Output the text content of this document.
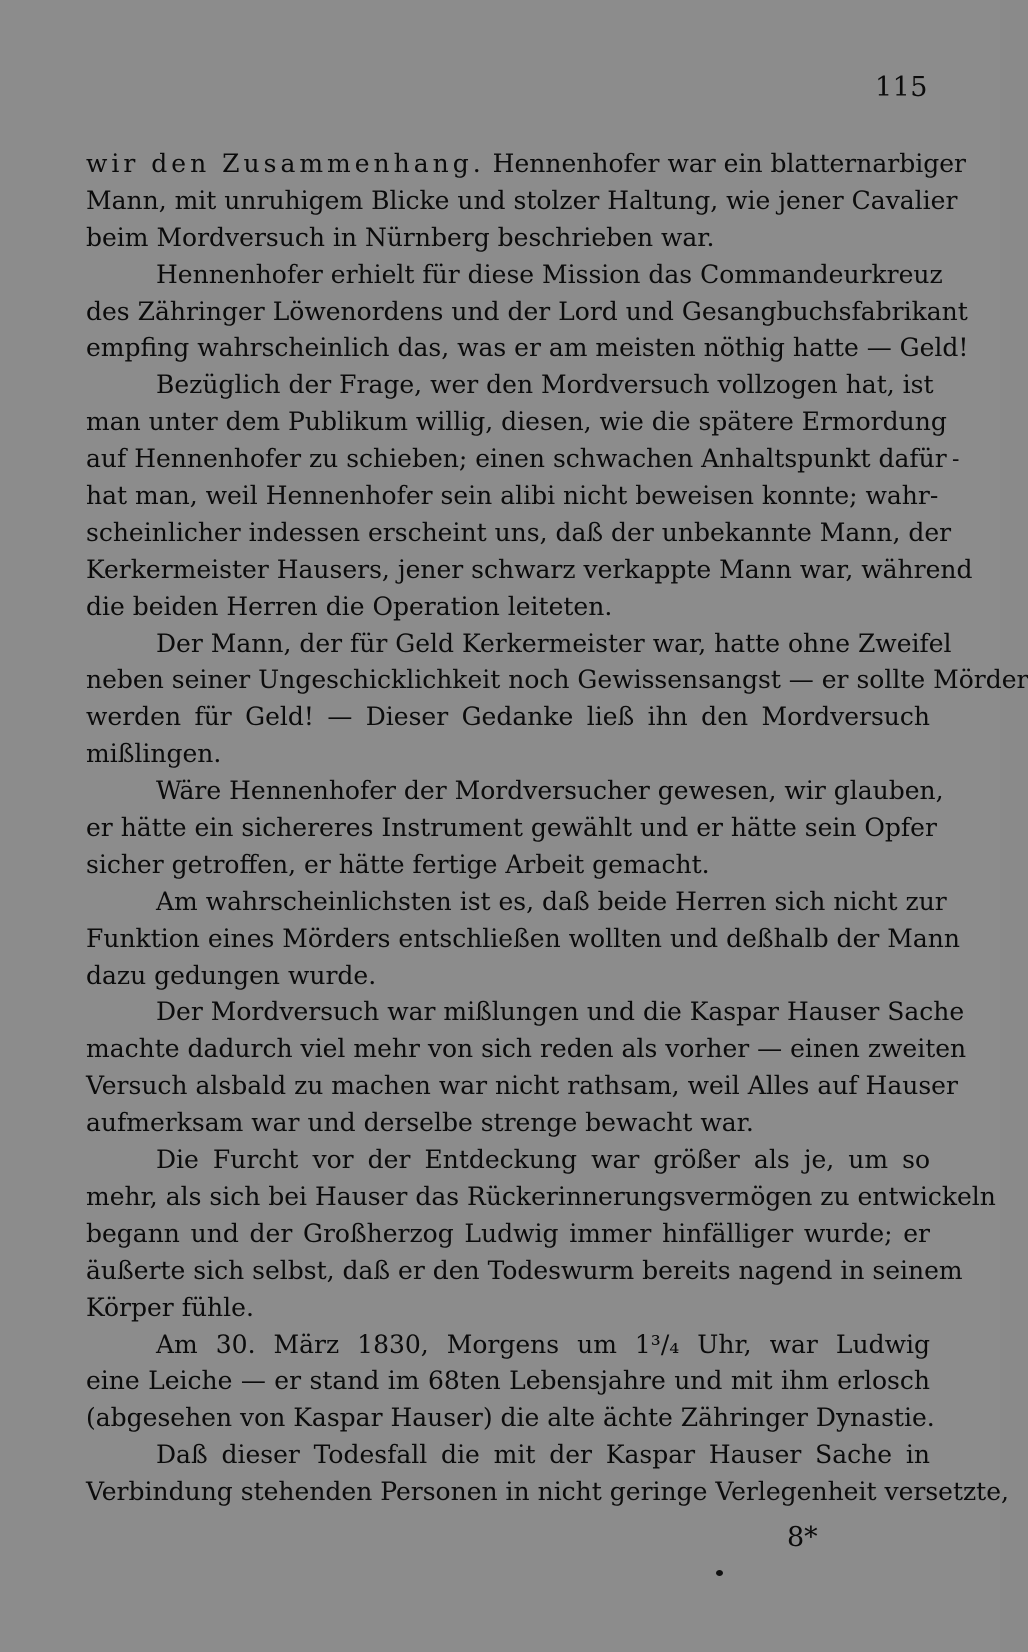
115
-
wir den Zusammenhang. Hennenhofer war ein blatternarbiger
Mann, mit unruhigem Blicke und stolzer Haltung, wie jener Cavalier
beim Mordversuch in Nürnberg beschrieben war.
Hennenhofer erhielt für diese Mission das Commandeurkreuz
des Zähringer Löwenordens und der Lord und Gesangbuchsfabrikant
empfing wahrscheinlich das, was er am meisten nöthig hatte — Geld!
Bezüglich der Frage, wer den Mordversuch vollzogen hat, ist
man unter dem Publikum willig, diesen, wie die spätere Ermordung
auf Hennenhofer zu schieben; einen schwachen Anhaltspunkt dafür
hat man, weil Hennenhofer sein alibi nicht beweisen konnte; wahr-
scheinlicher indessen erscheint uns, daß der unbekannte Mann, der
Kerkermeister Hausers, jener schwarz verkappte Mann war, während
die beiden Herren die Operation leiteten.
Der Mann, der für Geld Kerkermeister war, hatte ohne Zweifel
neben seiner Ungeschicklichkeit noch Gewissensangst — er sollte Mörder
werden für Geld! — Dieser Gedanke ließ ihn den Mordversuch
mißlingen.
Wäre Hennenhofer der Mordversucher gewesen, wir glauben,
er hätte ein sichereres Instrument gewählt und er hätte sein Opfer
sicher getroffen, er hätte fertige Arbeit gemacht.
Am wahrscheinlichsten ist es, daß beide Herren sich nicht zur
Funktion eines Mörders entschließen wollten und deßhalb der Mann
dazu gedungen wurde.
Der Mordversuch war mißlungen und die Kaspar Hauser Sache
machte dadurch viel mehr von sich reden als vorher — einen zweiten
Versuch alsbald zu machen war nicht rathsam, weil Alles auf Hauser
aufmerksam war und derselbe strenge bewacht war.
Die Furcht vor der Entdeckung war größer als je, um so
mehr, als sich bei Hauser das Rückerinnerungsvermögen zu entwickeln
begann und der Großherzog Ludwig immer hinfälliger wurde; er
äußerte sich selbst, daß er den Todeswurm bereits nagend in seinem
Körper fühle.
Am 30. März 1830, Morgens um 1³/₄ Uhr, war Ludwig
eine Leiche — er stand im 68ten Lebensjahre und mit ihm erlosch
(abgesehen von Kaspar Hauser) die alte ächte Zähringer Dynastie.
Daß dieser Todesfall die mit der Kaspar Hauser Sache in
Verbindung stehenden Personen in nicht geringe Verlegenheit versetzte,
8*
